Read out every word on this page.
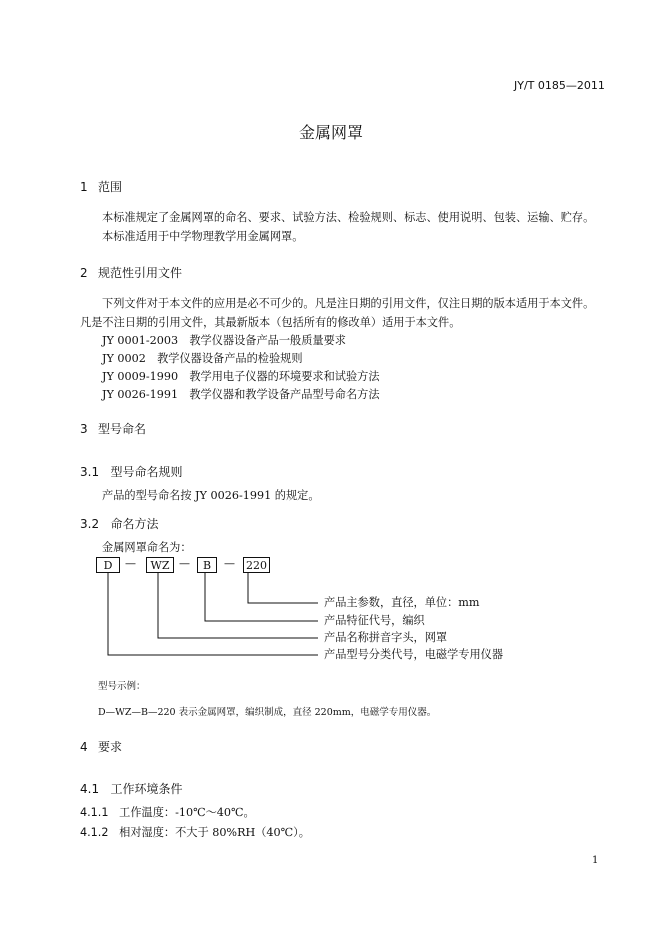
JY/T 0185—2011
金属网罩
1 范围
本标准规定了金属网罩的命名、要求、试验方法、检验规则、标志、使用说明、包装、运输、贮存。
本标准适用于中学物理教学用金属网罩。
2 规范性引用文件
下列文件对于本文件的应用是必不可少的。凡是注日期的引用文件，仅注日期的版本适用于本文件。
凡是不注日期的引用文件，其最新版本（包括所有的修改单）适用于本文件。
JY 0001-2003　教学仪器设备产品一般质量要求
JY 0002　教学仪器设备产品的检验规则
JY 0009-1990　教学用电子仪器的环境要求和试验方法
JY 0026-1991　教学仪器和教学设备产品型号命名方法
3 型号命名
3.1 型号命名规则
产品的型号命名按 JY 0026-1991 的规定。
3.2 命名方法
金属网罩命名为：
D	—	WZ —	B	— 220
产品主参数，直径，单位：mm
产品特征代号，编织
产品名称拼音字头，网罩
产品型号分类代号，电磁学专用仪器
型号示例：
D—WZ—B—220 表示金属网罩，编织制成，直径 220mm，电磁学专用仪器。
4 要求
4.1 工作环境条件
4.1.1 工作温度：-10℃～40℃。
4.1.2 相对湿度：不大于 80%RH（40℃）。
1
